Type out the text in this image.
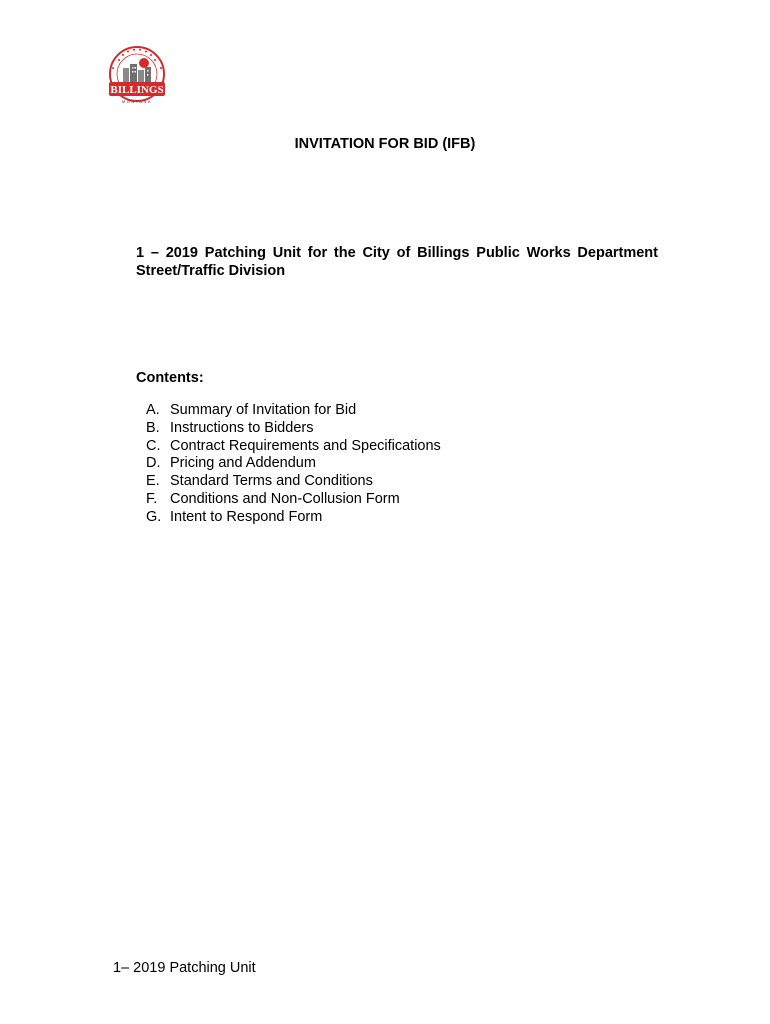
BILLINGS
MONTANA
INVITATION FOR BID (IFB)
1 – 2019 Patching Unit for the City of Billings Public Works Department
Street/Traffic Division
Contents:
A. Summary of Invitation for Bid
B. Instructions to Bidders
C. Contract Requirements and Specifications
D. Pricing and Addendum
E. Standard Terms and Conditions
F. Conditions and Non-Collusion Form
G. Intent to Respond Form
1– 2019 Patching Unit
